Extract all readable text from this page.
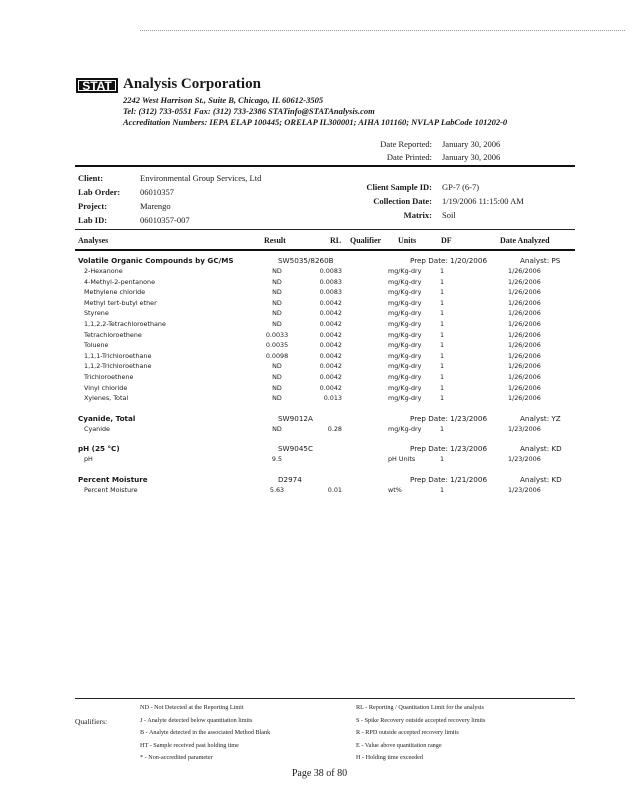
STAT Analysis Corporation
2242 West Harrison St., Suite B, Chicago, IL 60612-3505
Tel: (312) 733-0551 Fax: (312) 733-2386 STATinfo@STATAnalysis.com
Accreditation Numbers: IEPA ELAP 100445; ORELAP IL300001; AIHA 101160; NVLAP LabCode 101202-0
Date Reported: January 30, 2006
Date Printed: January 30, 2006
Client:	Environmental Group Services, Ltd
Lab Order: 06010357
Project:	Marengo
Lab ID:	06010357-007
Client Sample ID: GP-7 (6-7)
Collection Date: 1/19/2006 11:15:00 AM
Matrix: Soil
Analyses	Result	RL Qualifier Units	DF	Date Analyzed
Volatile Organic Compounds by GC/MS	SW5035/8260B	Prep Date: 1/20/2006	Analyst: PS
2-Hexanone	ND	0.0083	mg/Kg-dry	1	1/26/2006
4-Methyl-2-pentanone	ND	0.0083	mg/Kg-dry	1	1/26/2006
Methylene chloride	ND	0.0083	mg/Kg-dry	1	1/26/2006
Methyl tert-butyl ether	ND	0.0042	mg/Kg-dry	1	1/26/2006
Styrene	ND	0.0042	mg/Kg-dry	1	1/26/2006
1,1,2,2-Tetrachloroethane	ND	0.0042	mg/Kg-dry	1	1/26/2006
Tetrachloroethene	0.0033	0.0042	mg/Kg-dry	1	1/26/2006
Toluene	0.0035	0.0042	mg/Kg-dry	1	1/26/2006
1,1,1-Trichloroethane	0.0098	0.0042	mg/Kg-dry	1	1/26/2006
1,1,2-Trichloroethane	ND	0.0042	mg/Kg-dry	1	1/26/2006
Trichloroethene	ND	0.0042	mg/Kg-dry	1	1/26/2006
Vinyl chloride	ND	0.0042	mg/Kg-dry	1	1/26/2006
Xylenes, Total	ND	0.013	mg/Kg-dry	1	1/26/2006
Cyanide, Total	SW9012A	Prep Date: 1/23/2006	Analyst: YZ
Cyanide	ND	0.28	mg/Kg-dry	1	1/23/2006
pH (25 °C)	SW9045C	Prep Date: 1/23/2006	Analyst: KD
pH	9.5	pH Units	1	1/23/2006
Percent Moisture	D2974	Prep Date: 1/21/2006	Analyst: KD
Percent Moisture	5.63	0.01	wt%	1	1/23/2006
Qualifiers:
ND - Not Detected at the Reporting Limit
J - Analyte detected below quantitation limits
B - Analyte detected in the associated Method Blank
HT - Sample received past holding time
* - Non-accredited parameter
RL - Reporting / Quantitation Limit for the analysis
S - Spike Recovery outside accepted recovery limits
R - RPD outside accepted recovery limits
E - Value above quantitation range
H - Holding time exceeded
Page 38 of 80
